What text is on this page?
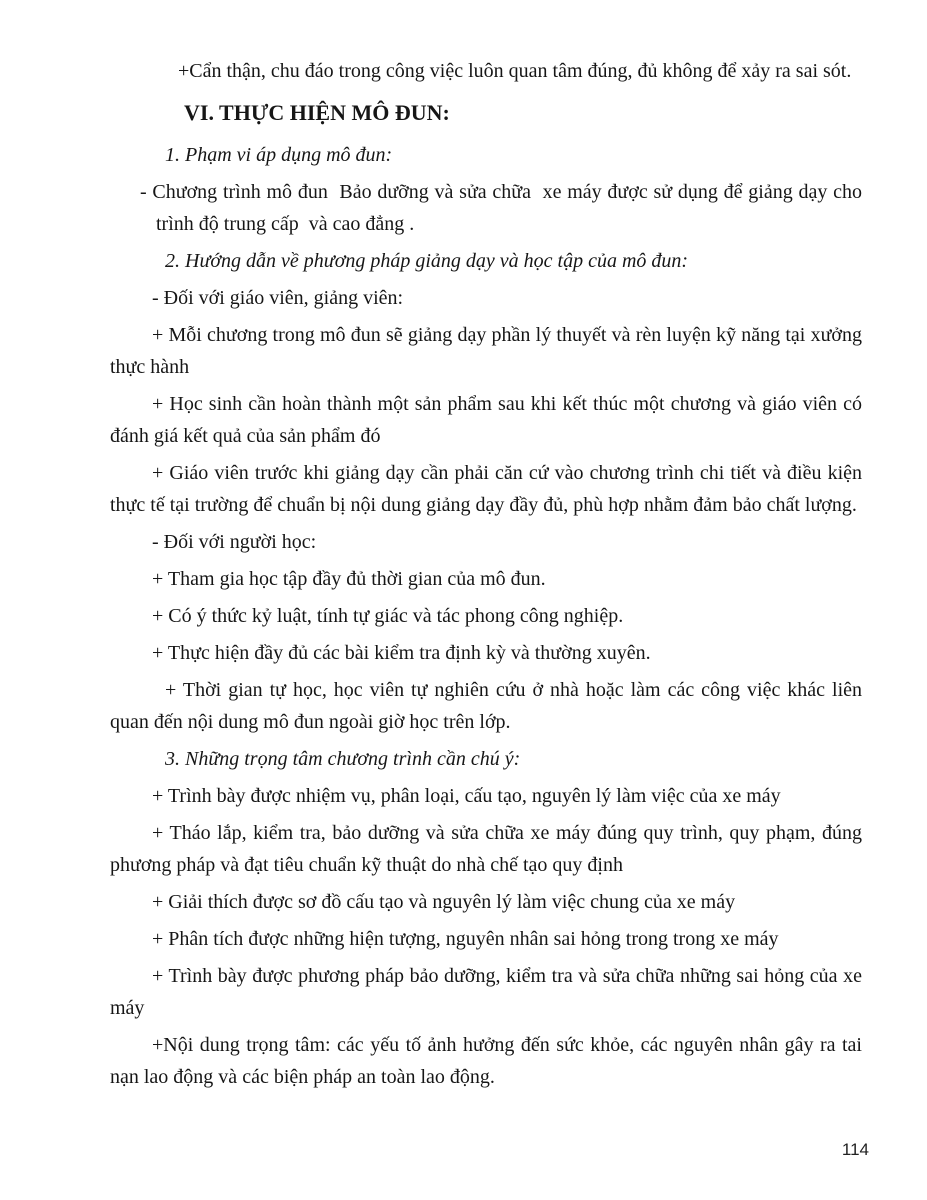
+Cẩn thận, chu đáo trong công việc luôn quan tâm đúng, đủ không để xảy ra sai sót.

VI. THỰC HIỆN MÔ ĐUN:

1. Phạm vi áp dụng mô đun:

- Chương trình mô đun  Bảo dưỡng và sửa chữa  xe máy được sử dụng để giảng dạy cho trình độ trung cấp  và cao đẳng .

2. Hướng dẫn về phương pháp giảng dạy và học tập của mô đun:

- Đối với giáo viên, giảng viên:

+ Mỗi chương trong mô đun sẽ giảng dạy phần lý thuyết và rèn luyện kỹ năng tại xưởng thực hành

+ Học sinh cần hoàn thành một sản phẩm sau khi kết thúc một chương và giáo viên có đánh giá kết quả của sản phẩm đó

+ Giáo viên trước khi giảng dạy cần phải căn cứ vào chương trình chi tiết và điều kiện thực tế tại trường để chuẩn bị nội dung giảng dạy đầy đủ, phù hợp nhằm đảm bảo chất lượng.

- Đối với người học:

+ Tham gia học tập đầy đủ thời gian của mô đun.

+ Có ý thức kỷ luật, tính tự giác và tác phong công nghiệp.

+ Thực hiện đầy đủ các bài kiểm tra định kỳ và thường xuyên.

+ Thời gian tự học, học viên tự nghiên cứu ở nhà hoặc làm các công việc khác liên quan đến nội dung mô đun ngoài giờ học trên lớp.

3. Những trọng tâm chương trình cần chú ý:

+ Trình bày được nhiệm vụ, phân loại, cấu tạo, nguyên lý làm việc của xe máy

+ Tháo lắp, kiểm tra, bảo dưỡng và sửa chữa xe máy đúng quy trình, quy phạm, đúng phương pháp và đạt tiêu chuẩn kỹ thuật do nhà chế tạo quy định

+ Giải thích được sơ đồ cấu tạo và nguyên lý làm việc chung của xe máy

+ Phân tích được những hiện tượng, nguyên nhân sai hỏng trong trong xe máy

+ Trình bày được phương pháp bảo dưỡng, kiểm tra và sửa chữa những sai hỏng của xe máy

+Nội dung trọng tâm: các yếu tố ảnh hưởng đến sức khỏe, các nguyên nhân gây ra tai nạn lao động và các biện pháp an toàn lao động.

114
